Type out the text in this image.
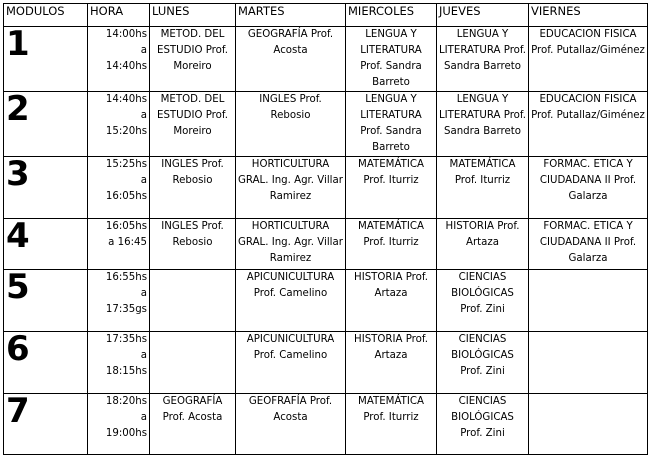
MODULOS	HORA	LUNES	MARTES	MIERCOLES	JUEVES	VIERNES
1	14:00hs
a
14:40hs	METOD. DEL ESTUDIO Prof. Moreiro	GEOGRAFÍA Prof. Acosta	LENGUA Y LITERATURA Prof. Sandra Barreto	LENGUA Y LITERATURA Prof. Sandra Barreto	EDUCACION FISICA Prof. Putallaz/Giménez
2	14:40hs
a
15:20hs	METOD. DEL ESTUDIO Prof. Moreiro	INGLES Prof. Rebosio	LENGUA Y LITERATURA Prof. Sandra Barreto	LENGUA Y LITERATURA Prof. Sandra Barreto	EDUCACION FISICA Prof. Putallaz/Giménez
3	15:25hs
a
16:05hs	INGLES Prof. Rebosio	HORTICULTURA GRAL. Ing. Agr. Villar Ramirez	MATEMÁTICA Prof. Iturriz	MATEMÁTICA Prof. Iturriz	FORMAC. ETICA Y CIUDADANA II Prof. Galarza
4	16:05hs
a 16:45	INGLES Prof. Rebosio	HORTICULTURA GRAL. Ing. Agr. Villar Ramirez	MATEMÁTICA Prof. Iturriz	HISTORIA Prof. Artaza	FORMAC. ETICA Y CIUDADANA II Prof. Galarza
5	16:55hs
a
17:35gs		APICUNICULTURA Prof. Camelino	HISTORIA Prof. Artaza	CIENCIAS BIOLÓGICAS Prof. Zini	
6	17:35hs
a
18:15hs		APICUNICULTURA Prof. Camelino	HISTORIA Prof. Artaza	CIENCIAS BIOLÓGICAS Prof. Zini	
7	18:20hs
a
19:00hs	GEOGRAFÍA Prof. Acosta	GEOFRAFÍA Prof. Acosta	MATEMÁTICA Prof. Iturriz	CIENCIAS BIOLÓGICAS Prof. Zini	
